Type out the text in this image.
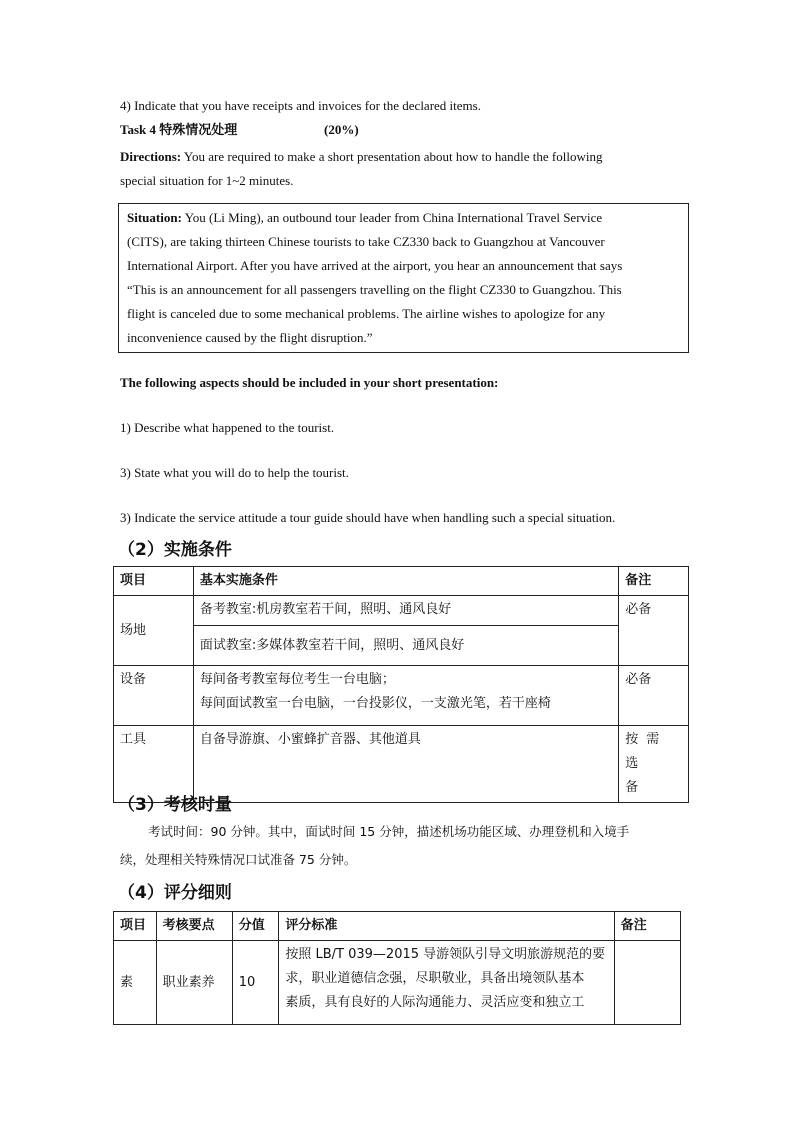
4) Indicate that you have receipts and invoices for the declared items.
Task 4 特殊情况处理	(20%)
Directions: You are required to make a short presentation about how to handle the following
special situation for 1~2 minutes.
Situation: You (Li Ming), an outbound tour leader from China International Travel Service
(CITS), are taking thirteen Chinese tourists to take CZ330 back to Guangzhou at Vancouver
International Airport. After you have arrived at the airport, you hear an announcement that says
“This is an announcement for all passengers travelling on the flight CZ330 to Guangzhou. This
flight is canceled due to some mechanical problems. The airline wishes to apologize for any
inconvenience caused by the flight disruption.”
The following aspects should be included in your short presentation:
1) Describe what happened to the tourist.
3) State what you will do to help the tourist.
3) Indicate the service attitude a tour guide should have when handling such a special situation.
（2）实施条件
项目	基本实施条件	备注
场地	备考教室:机房教室若干间，照明、通风良好	必备
	面试教室:多媒体教室若干间，照明、通风良好	
设备	每间备考教室每位考生一台电脑；
每间面试教室一台电脑，一台投影仪，一支激光笔，若干座椅	必备
工具	自备导游旗、小蜜蜂扩音器、其他道具	按需选
备
（3）考核时量
考试时间：90 分钟。其中，面试时间 15 分钟，描述机场功能区域、办理登机和入境手
续，处理相关特殊情况口试准备 75 分钟。
（4）评分细则
项目	考核要点	分值	评分标准	备注
素	职业素养	10	按照 LB/T 039—2015 导游领队引导文明旅游规范的要
求，职业道德信念强，尽职敬业，具备出境领队基本
素质，具有良好的人际沟通能力、灵活应变和独立工	
